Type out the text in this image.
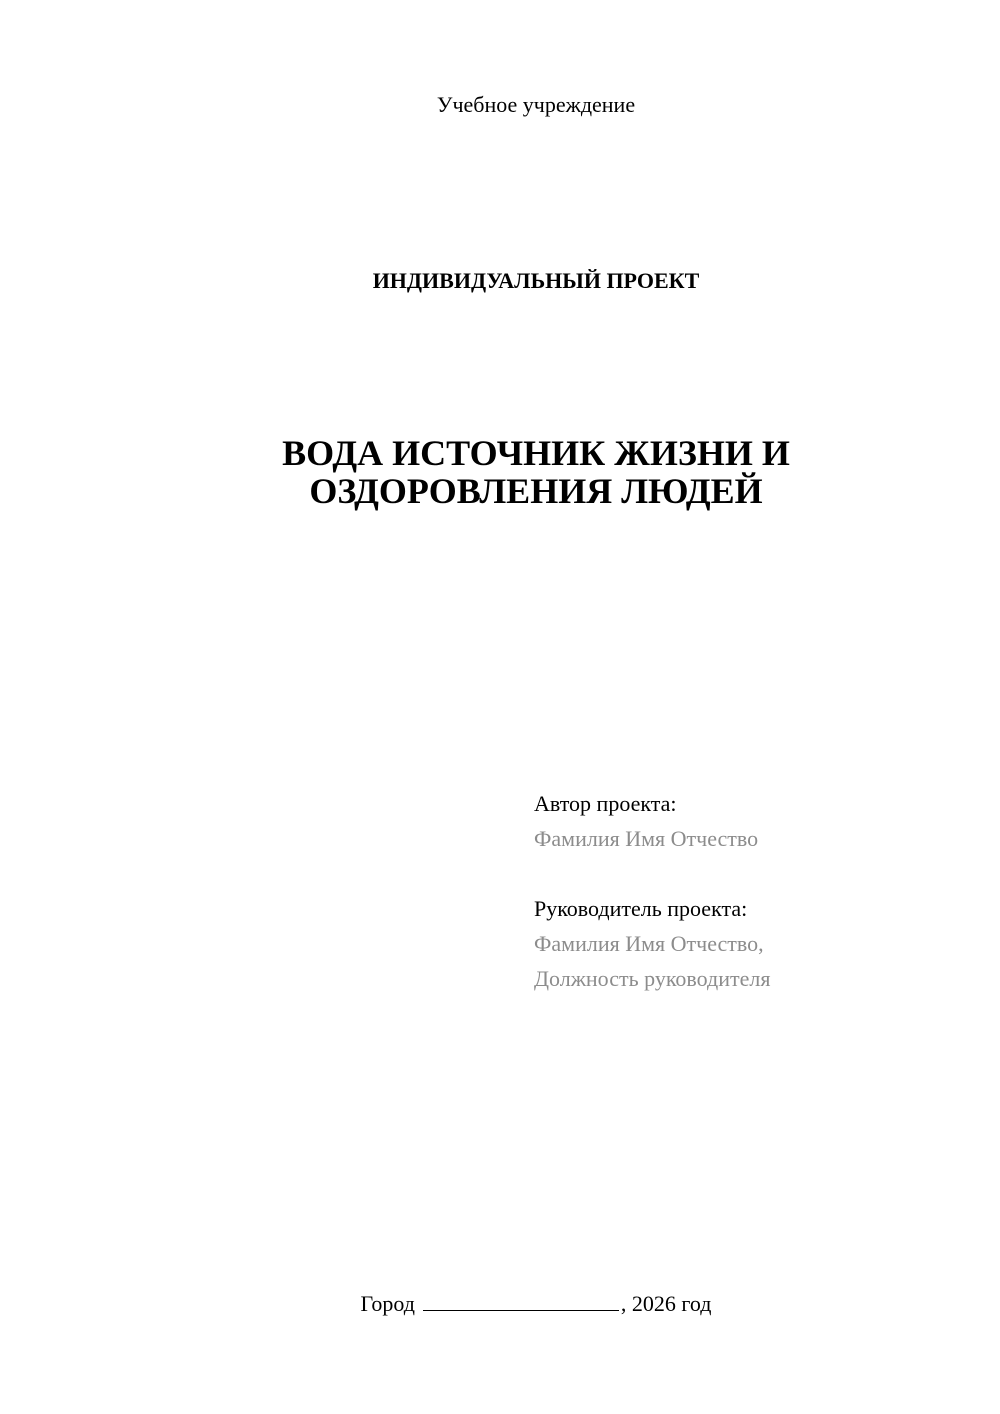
Учебное учреждение
ИНДИВИДУАЛЬНЫЙ ПРОЕКТ
ВОДА ИСТОЧНИК ЖИЗНИ И
ОЗДОРОВЛЕНИЯ ЛЮДЕЙ
Автор проекта:
Фамилия Имя Отчество
Руководитель проекта:
Фамилия Имя Отчество,
Должность руководителя
Город	, 2026 год
